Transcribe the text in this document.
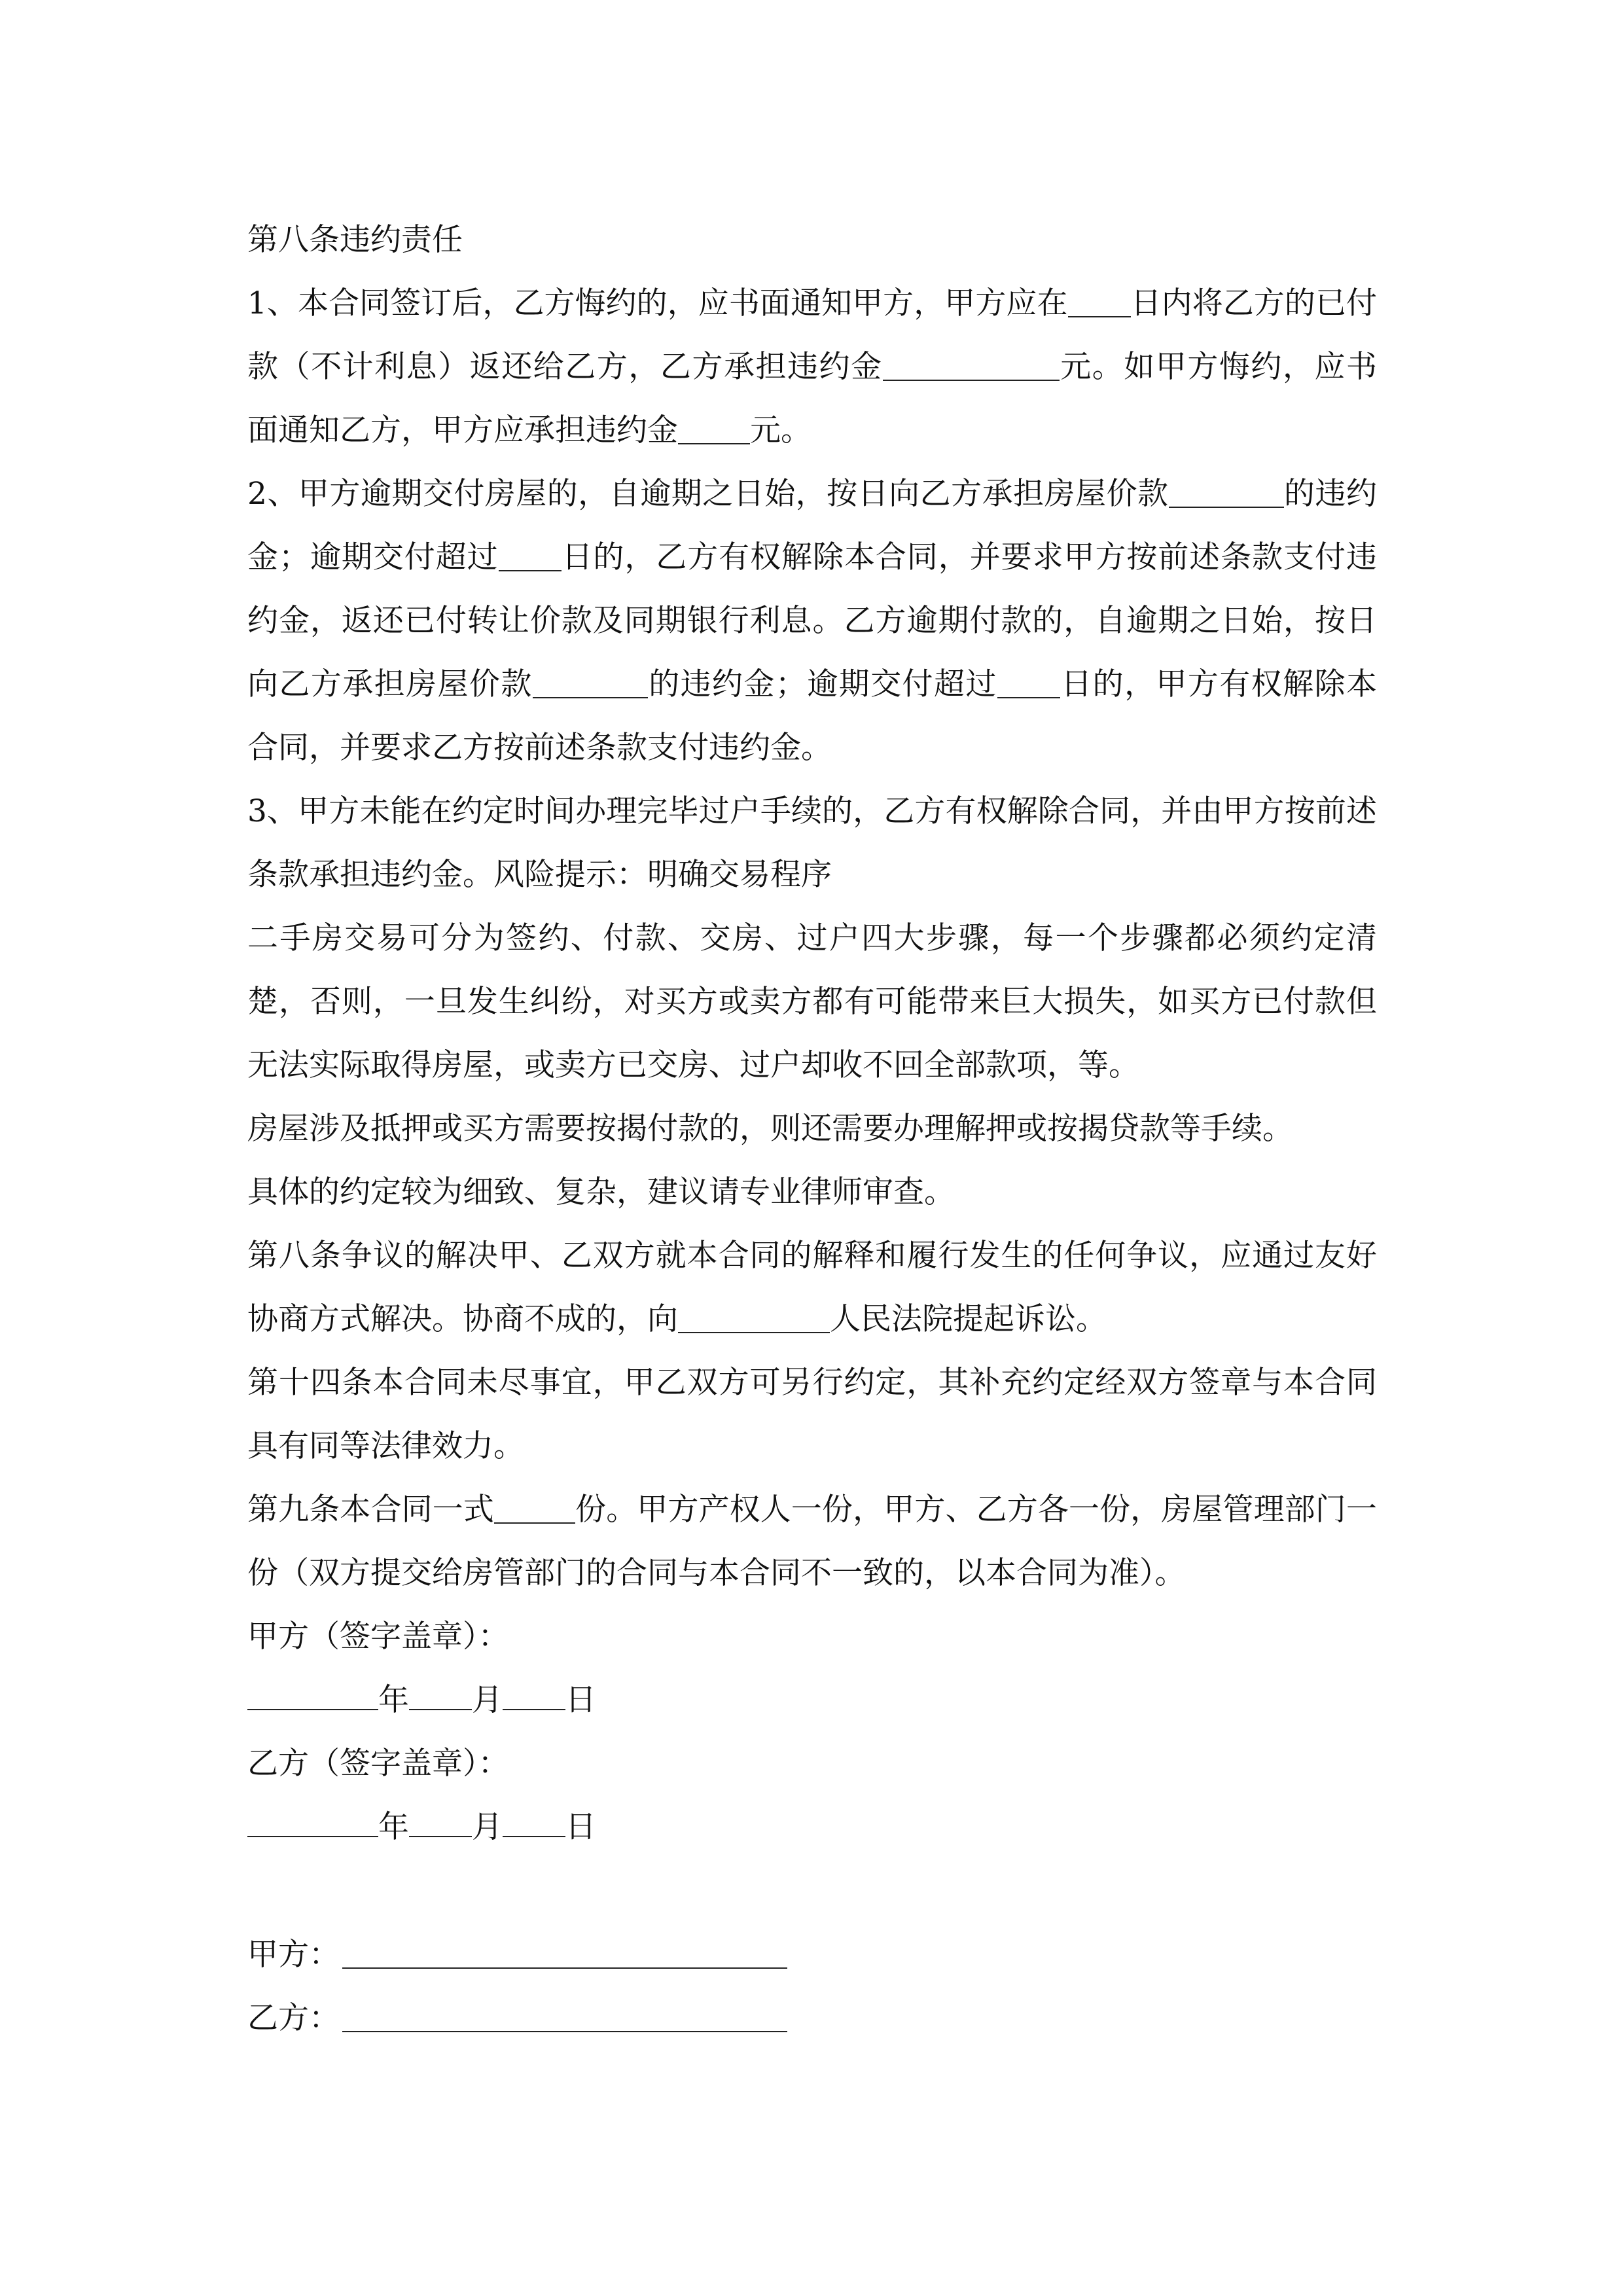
第八条违约责任

1、本合同签订后，乙方悔约的，应书面通知甲方，甲方应在 日内将乙方的已付款（不计利息）返还给乙方，乙方承担违约金	元。如甲方悔约，应书面通知乙方，甲方应承担违约金 元。

2、甲方逾期交付房屋的，自逾期之日始，按日向乙方承担房屋价款	的违约金；逾期交付超过 日的，乙方有权解除本合同，并要求甲方按前述条款支付违约金，返还已付转让价款及同期银行利息。乙方逾期付款的，自逾期之日始，按日向乙方承担房屋价款	的违约金；逾期交付超过 日的，甲方有权解除本合同，并要求乙方按前述条款支付违约金。

3、甲方未能在约定时间办理完毕过户手续的，乙方有权解除合同，并由甲方按前述条款承担违约金。风险提示：明确交易程序

二手房交易可分为签约、付款、交房、过户四大步骤，每一个步骤都必须约定清楚，否则，一旦发生纠纷，对买方或卖方都有可能带来巨大损失，如买方已付款但无法实际取得房屋，或卖方已交房、过户却收不回全部款项，等。

房屋涉及抵押或买方需要按揭付款的，则还需要办理解押或按揭贷款等手续。

具体的约定较为细致、复杂，建议请专业律师审查。

第八条争议的解决甲、乙双方就本合同的解释和履行发生的任何争议，应通过友好协商方式解决。协商不成的，向	人民法院提起诉讼。

第十四条本合同未尽事宜，甲乙双方可另行约定，其补充约定经双方签章与本合同具有同等法律效力。

第九条本合同一式	份。甲方产权人一份，甲方、乙方各一份，房屋管理部门一份（双方提交给房管部门的合同与本合同不一致的，以本合同为准）。

甲方（签字盖章）：

年 月 日

乙方（签字盖章）：

年 月 日
甲方：
乙方：
